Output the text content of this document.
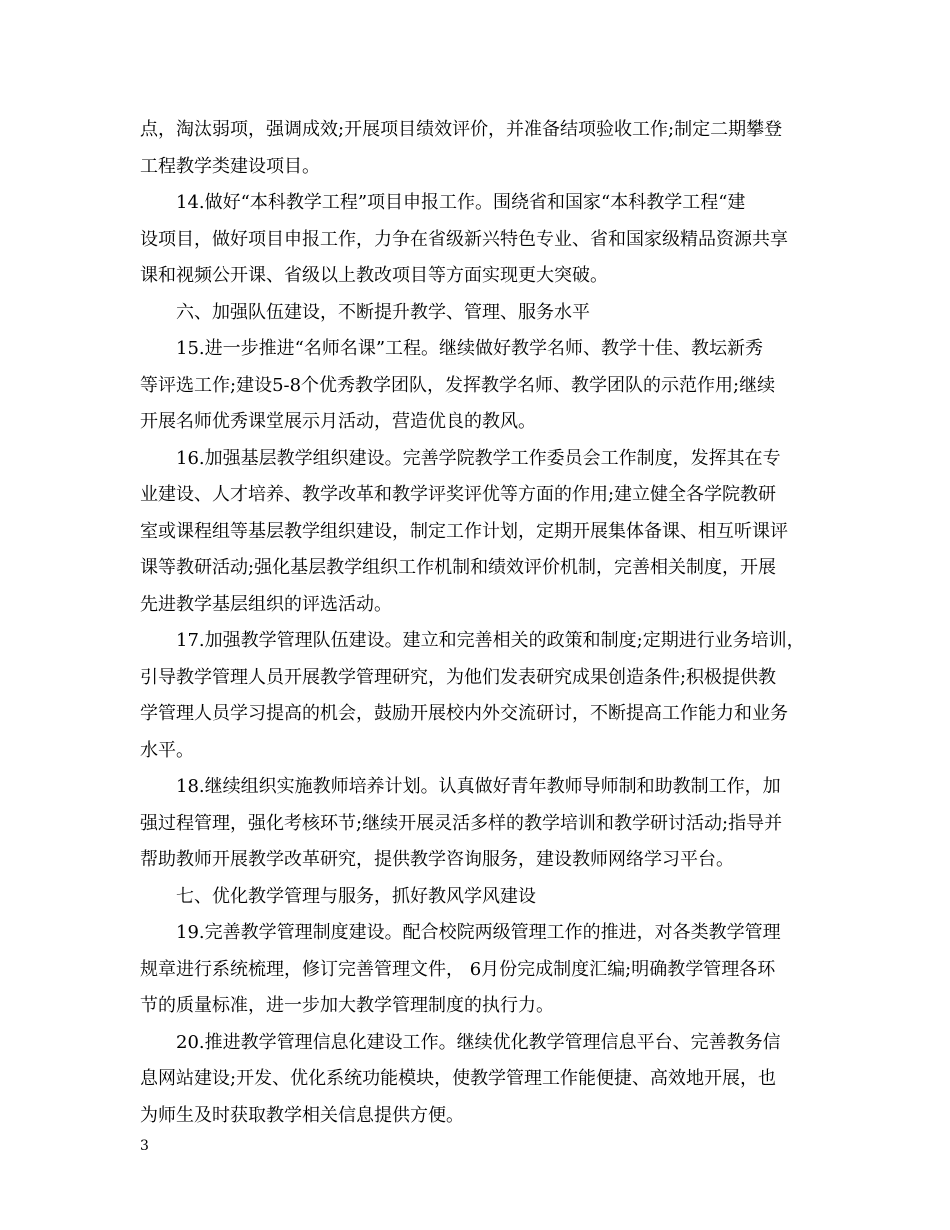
点，淘汰弱项，强调成效;开展项目绩效评价，并准备结项验收工作;制定二期攀登
工程教学类建设项目。
14.做好“本科教学工程”项目申报工作。围绕省和国家“本科教学工程“建
设项目，做好项目申报工作，力争在省级新兴特色专业、省和国家级精品资源共享
课和视频公开课、省级以上教改项目等方面实现更大突破。
六、加强队伍建设，不断提升教学、管理、服务水平
15.进一步推进“名师名课”工程。继续做好教学名师、教学十佳、教坛新秀
等评选工作;建设5-8个优秀教学团队，发挥教学名师、教学团队的示范作用;继续
开展名师优秀课堂展示月活动，营造优良的教风。
16.加强基层教学组织建设。完善学院教学工作委员会工作制度，发挥其在专
业建设、人才培养、教学改革和教学评奖评优等方面的作用;建立健全各学院教研
室或课程组等基层教学组织建设，制定工作计划，定期开展集体备课、相互听课评
课等教研活动;强化基层教学组织工作机制和绩效评价机制，完善相关制度，开展
先进教学基层组织的评选活动。
17.加强教学管理队伍建设。建立和完善相关的政策和制度;定期进行业务培训，
引导教学管理人员开展教学管理研究，为他们发表研究成果创造条件;积极提供教
学管理人员学习提高的机会，鼓励开展校内外交流研讨，不断提高工作能力和业务
水平。
18.继续组织实施教师培养计划。认真做好青年教师导师制和助教制工作，加
强过程管理，强化考核环节;继续开展灵活多样的教学培训和教学研讨活动;指导并
帮助教师开展教学改革研究，提供教学咨询服务，建设教师网络学习平台。
七、优化教学管理与服务，抓好教风学风建设
19.完善教学管理制度建设。配合校院两级管理工作的推进，对各类教学管理
规章进行系统梳理，修订完善管理文件， 6月份完成制度汇编;明确教学管理各环
节的质量标准，进一步加大教学管理制度的执行力。
20.推进教学管理信息化建设工作。继续优化教学管理信息平台、完善教务信
息网站建设;开发、优化系统功能模块，使教学管理工作能便捷、高效地开展，也
为师生及时获取教学相关信息提供方便。
3
